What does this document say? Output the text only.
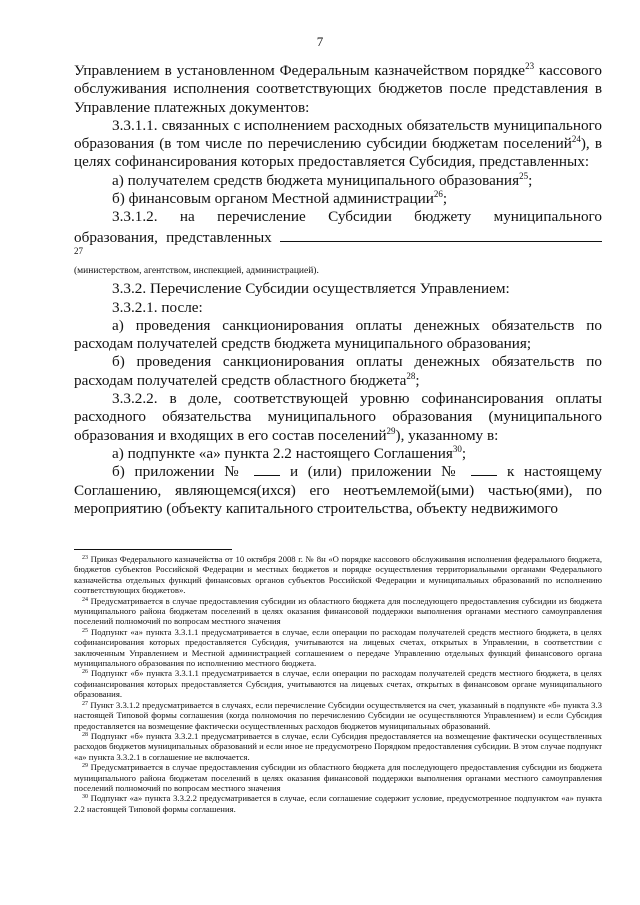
7

Управлением в установленном Федеральным казначейством порядке$^{23}$ кассового обслуживания исполнения соответствующих бюджетов после представления в Управление платежных документов:

3.3.1.1. связанных с исполнением расходных обязательств муниципального образования (в том числе по перечислению субсидии бюджетам поселений$^{24}$), в целях софинансирования которых предоставляется Субсидия, представленных:

а) получателем средств бюджета муниципального образования$^{25}$;

б) финансовым органом Местной администрации$^{26}$;

3.3.1.2. на перечисление Субсидии бюджету муниципального

образования, представленных $^{27}$

(министерством, агентством, инспекцией, администрацией).

3.3.2. Перечисление Субсидии осуществляется Управлением:

3.3.2.1. после:

а) проведения санкционирования оплаты денежных обязательств по расходам получателей средств бюджета муниципального образования;

б) проведения санкционирования оплаты денежных обязательств по расходам получателей средств областного бюджета$^{28}$;

3.3.2.2. в доле, соответствующей уровню софинансирования оплаты расходного обязательства муниципального образования (муниципального образования и входящих в его состав поселений$^{29}$), указанному в:

а) подпункте «а» пункта 2.2 настоящего Соглашения$^{30}$;

б) приложении №  и (или) приложении №  к настоящему Соглашению, являющемся(ихся) его неотъемлемой(ыми) частью(ями), по мероприятию (объекту капитального строительства, объекту недвижимого

$^{23}$ Приказ Федерального казначейства от 10 октября 2008 г. № 8н «О порядке кассового обслуживания исполнения федерального бюджета, бюджетов субъектов Российской Федерации и местных бюджетов и порядке осуществления территориальными органами Федерального казначейства отдельных функций финансовых органов субъектов Российской Федерации и муниципальных образований по исполнению соответствующих бюджетов».

$^{24}$ Предусматривается в случае предоставления субсидии из областного бюджета для последующего предоставления субсидии из бюджета муниципального района бюджетам поселений в целях оказания финансовой поддержки выполнения органами местного самоуправления поселений полномочий по вопросам местного значения

$^{25}$ Подпункт «а» пункта 3.3.1.1 предусматривается в случае, если операции по расходам получателей средств местного бюджета, в целях софинансирования которых предоставляется Субсидия, учитываются на лицевых счетах, открытых в Управлении, в соответствии с заключенным Управлением и Местной администрацией соглашением о передаче Управлению отдельных функций финансового органа муниципального образования по исполнению местного бюджета.

$^{26}$ Подпункт «б» пункта 3.3.1.1 предусматривается в случае, если операции по расходам получателей средств местного бюджета, в целях софинансирования которых предоставляется Субсидия, учитываются на лицевых счетах, открытых в финансовом органе муниципального образования.

$^{27}$ Пункт 3.3.1.2 предусматривается в случаях, если перечисление Субсидии осуществляется на счет, указанный в подпункте «б» пункта 3.3 настоящей Типовой формы соглашения (когда полномочия по перечислению Субсидии не осуществляются Управлением) и если Субсидия предоставляется на возмещение фактически осуществленных расходов бюджетов муниципальных образований.

$^{28}$ Подпункт «б» пункта 3.3.2.1 предусматривается в случае, если Субсидия предоставляется на возмещение фактически осуществленных расходов бюджетов муниципальных образований и если иное не предусмотрено Порядком предоставления субсидии. В этом случае подпункт «а» пункта 3.3.2.1 в соглашение не включается.

$^{29}$ Предусматривается в случае предоставления субсидии из областного бюджета для последующего предоставления субсидии из бюджета муниципального района бюджетам поселений в целях оказания финансовой поддержки выполнения органами местного самоуправления поселений полномочий по вопросам местного значения

$^{30}$ Подпункт «а» пункта 3.3.2.2 предусматривается в случае, если соглашение содержит условие, предусмотренное подпунктом «а» пункта 2.2 настоящей Типовой формы соглашения.
